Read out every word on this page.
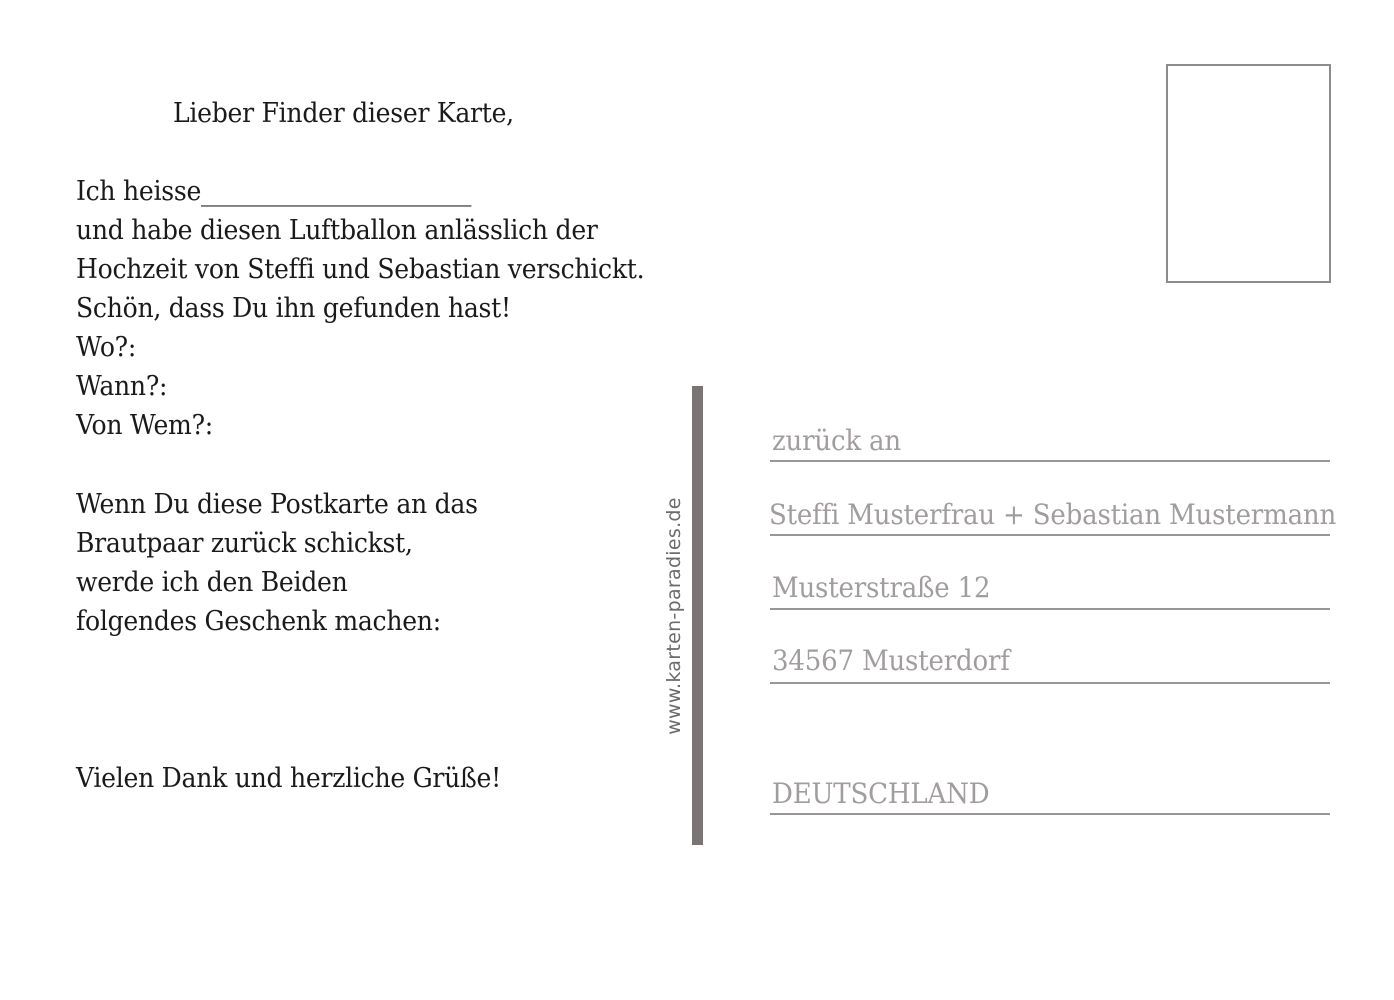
Lieber Finder dieser Karte,
Ich heisse______________________
und habe diesen Luftballon anlässlich der
Hochzeit von Steffi und Sebastian verschickt.
Schön, dass Du ihn gefunden hast!
Wo?:
Wann?:
Von Wem?:
Wenn Du diese Postkarte an das
Brautpaar zurück schickst,
werde ich den Beiden
folgendes Geschenk machen:
Vielen Dank und herzliche Grüße!
www.karten-paradies.de
zurück an
Steffi Musterfrau + Sebastian Mustermann
Musterstraße 12
34567 Musterdorf
DEUTSCHLAND
